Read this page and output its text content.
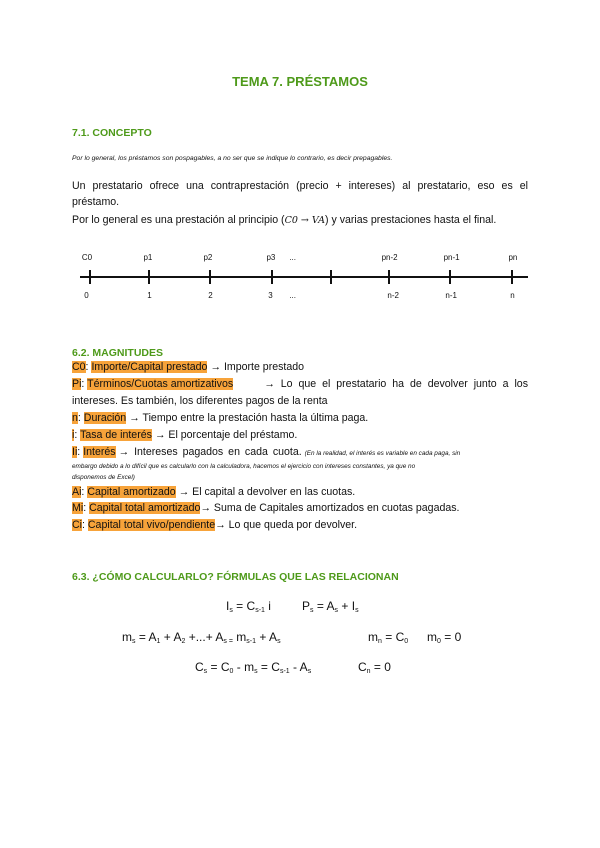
TEMA 7. PRÉSTAMOS
7.1. CONCEPTO
Por lo general, los préstamos son pospagables, a no ser que se indique lo contrario, es decir prepagables.
Un prestatario ofrece una contraprestación (precio + intereses) al prestatario, eso es el préstamo.
Por lo general es una prestación al principio (C0 → VA) y varias prestaciones hasta el final.
C0	p1	p2	p3 ...	pn-2	pn-1	pn
0	1	2	3 ...	n-2	n-1	n
6.2. MAGNITUDES
C0: Importe/Capital prestado → Importe prestado
Pi: Términos/Cuotas amortizativos	→ Lo que el prestatario ha de devolver junto a los
intereses. Es también, los diferentes pagos de la renta
n: Duración → Tiempo entre la prestación hasta la última paga.
i: Tasa de interés → El porcentaje del préstamo.
Ii: Interés → Intereses pagados en cada cuota. (En la realidad, el interés es variable en cada paga, sin
embargo debido a lo difícil que es calcularlo con la calculadora, hacemos el ejercicio con intereses constantes, ya que no
disponemos de Excel)
Ai: Capital amortizado → El capital a devolver en las cuotas.
Mi: Capital total amortizado→ Suma de Capitales amortizados en cuotas pagadas.
Ci: Capital total vivo/pendiente→ Lo que queda por devolver.
6.3. ¿CÓMO CALCULARLO? FÓRMULAS QUE LAS RELACIONAN
$I_s = C_{s-1}$ i	$P_s = A_s + I_s$
$m_s = A_1 + A_2$ +...+ $A_{s =}$ $m_{s-1} + A_s$	$m_n = C_0$ $m_0 = 0$
$C_s = C_0 - m_s = C_{s-1} - A_s$	$C_n = 0$
